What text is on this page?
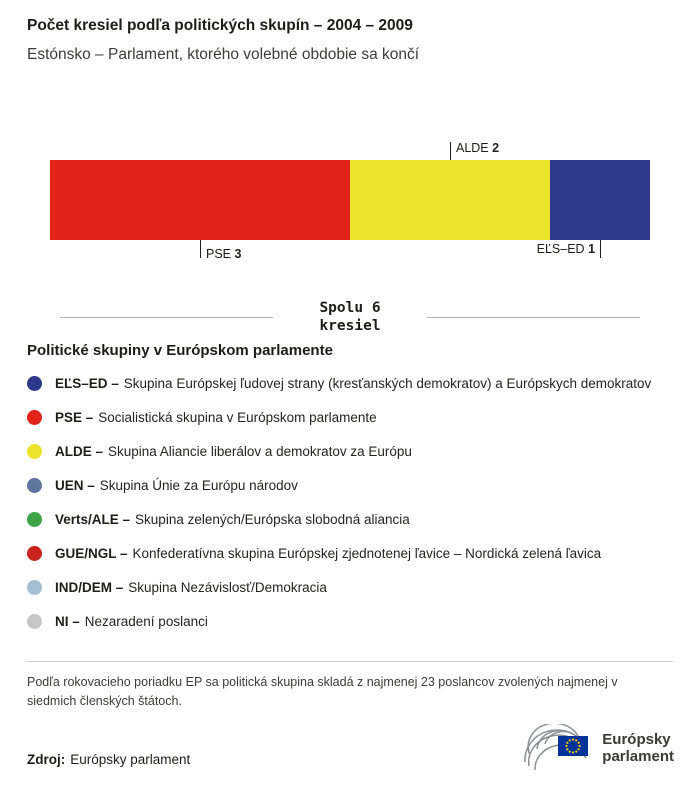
Počet kresiel podľa politických skupín – 2004 – 2009
Estónsko – Parlament, ktorého volebné obdobie sa končí
PSE 3
ALDE 2
EĽS–ED 1
Spolu 6
kresiel
Politické skupiny v Európskom parlamente
EĽS–ED – Skupina Európskej ľudovej strany (kresťanských demokratov) a Európskych demokratov
PSE – Socialistická skupina v Európskom parlamente
ALDE – Skupina Aliancie liberálov a demokratov za Európu
UEN – Skupina Únie za Európu národov
Verts/ALE – Skupina zelených/Európska slobodná aliancia
GUE/NGL – Konfederatívna skupina Európskej zjednotenej ľavice – Nordická zelená ľavica
IND/DEM – Skupina Nezávislosť/Demokracia
NI – Nezaradení poslanci

Podľa rokovacieho poriadku EP sa politická skupina skladá z najmenej 23 poslancov zvolených najmenej v siedmich členských štátoch.

Zdroj: Európsky parlament
Európsky
parlament
